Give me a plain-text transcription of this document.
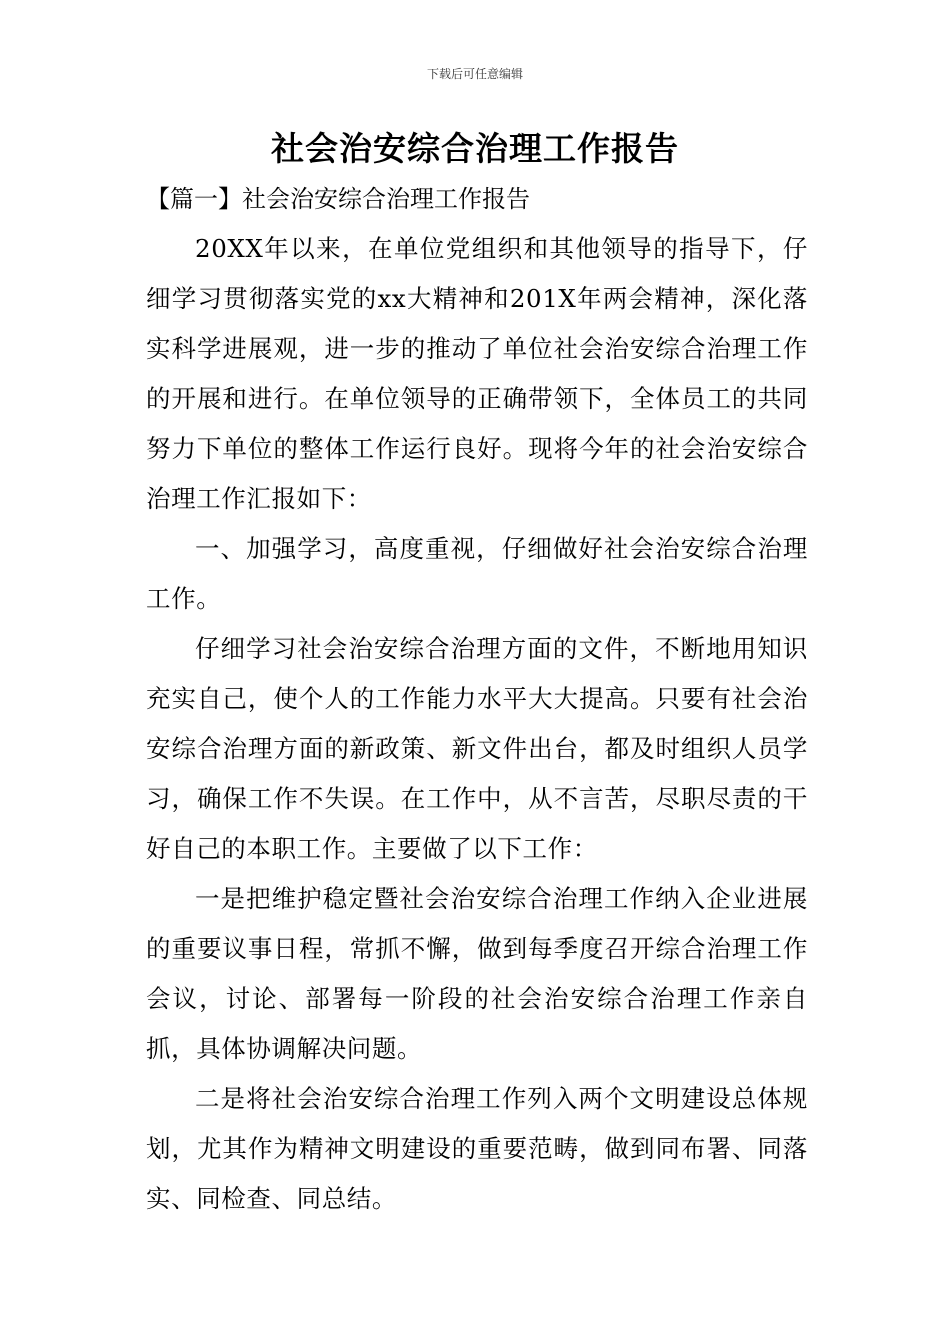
下载后可任意编辑
社会治安综合治理工作报告
【篇一】社会治安综合治理工作报告

20XX年以来，在单位党组织和其他领导的指导下，仔细学习贯彻落实党的xx大精神和201X年两会精神，深化落实科学进展观，进一步的推动了单位社会治安综合治理工作的开展和进行。在单位领导的正确带领下，全体员工的共同努力下单位的整体工作运行良好。现将今年的社会治安综合治理工作汇报如下：

一、加强学习，高度重视，仔细做好社会治安综合治理工作。

仔细学习社会治安综合治理方面的文件，不断地用知识充实自己，使个人的工作能力水平大大提高。只要有社会治安综合治理方面的新政策、新文件出台，都及时组织人员学习，确保工作不失误。在工作中，从不言苦，尽职尽责的干好自己的本职工作。主要做了以下工作：

一是把维护稳定暨社会治安综合治理工作纳入企业进展的重要议事日程，常抓不懈，做到每季度召开综合治理工作会议，讨论、部署每一阶段的社会治安综合治理工作亲自抓，具体协调解决问题。

二是将社会治安综合治理工作列入两个文明建设总体规划，尤其作为精神文明建设的重要范畴，做到同布署、同落实、同检查、同总结。
